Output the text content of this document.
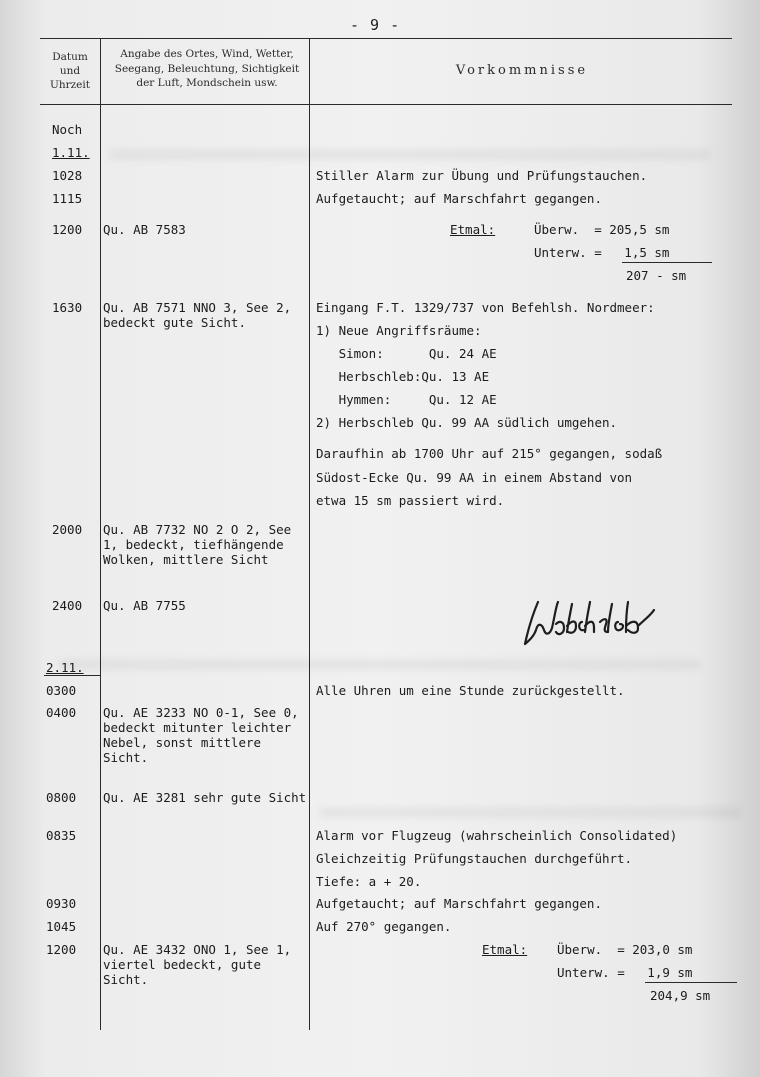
- 9 -
Datum
und
Uhrzeit
Angabe des Ortes, Wind, Wetter,
Seegang, Beleuchtung, Sichtigkeit
der Luft, Mondschein usw.
Vorkommnisse
Noch
1.11.
1028
1115
1200
1630
2000
2400
2.11.
0300
0400
0800
0835
0930
1045
1200
Qu. AB 7583
Qu. AB 7571 NNO 3, See 2, bedeckt gute Sicht.
Qu. AB 7732 NO 2 O 2, See 1, bedeckt, tiefhängende Wolken, mittlere Sicht
Qu. AB 7755
Qu. AE 3233 NO 0-1, See 0, bedeckt mitunter leichter Nebel, sonst mittlere Sicht.
Qu. AE 3281 sehr gute Sicht
Qu. AE 3432 ONO 1, See 1, viertel bedeckt, gute Sicht.
Stiller Alarm zur Übung und Prüfungstauchen.
Aufgetaucht; auf Marschfahrt gegangen.
Etmal:	Überw.  = 205,5 sm
Unterw. =   1,5 sm
207 - sm
Eingang F.T. 1329/737 von Befehlsh. Nordmeer:
1) Neue Angriffsräume:
Simon:      Qu. 24 AE
Herbschleb:Qu. 13 AE
Hymmen:     Qu. 12 AE
2) Herbschleb Qu. 99 AA südlich umgehen.
Daraufhin ab 1700 Uhr auf 215° gegangen, sodaß
Südost-Ecke Qu. 99 AA in einem Abstand von
etwa 15 sm passiert wird.
Alle Uhren um eine Stunde zurückgestellt.
Alarm vor Flugzeug (wahrscheinlich Consolidated)
Gleichzeitig Prüfungstauchen durchgeführt.
Tiefe: a + 20.
Aufgetaucht; auf Marschfahrt gegangen.
Auf 270° gegangen.
Etmal: Überw.  = 203,0 sm
Unterw. =   1,9 sm
204,9 sm
